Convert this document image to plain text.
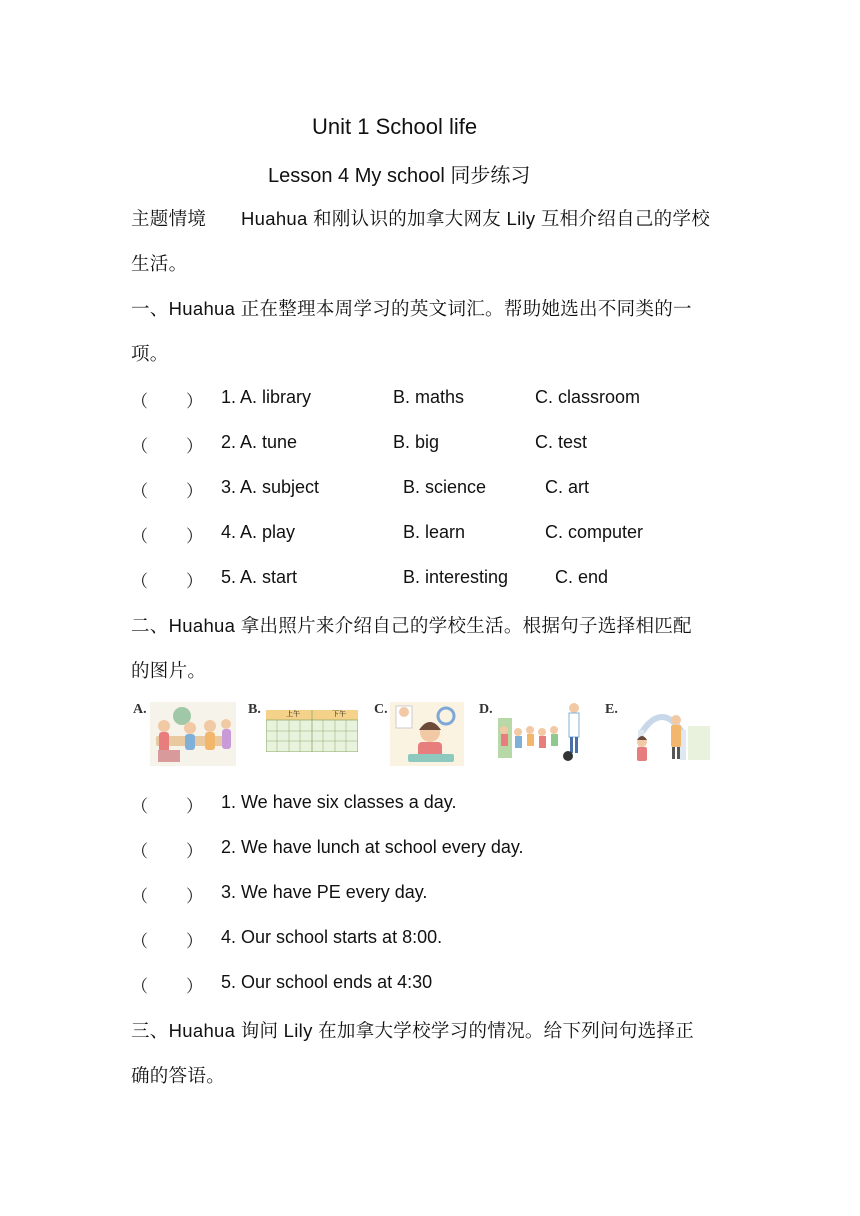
Unit 1 School life
Lesson 4 My school 同步练习
主题情境 Huahua 和刚认识的加拿大网友 Lily 互相介绍自己的学校
生活。
一、Huahua 正在整理本周学习的英文词汇。帮助她选出不同类的一
项。
（ ） 1. A. library	B. maths	C. classroom
（ ） 2. A. tune	B. big	C. test
（ ） 3. A. subject	B. science	C. art
（ ） 4. A. play	B. learn	C. computer
（ ） 5. A. start	B. interesting	C. end
二、Huahua 拿出照片来介绍自己的学校生活。根据句子选择相匹配
的图片。
A.	B.	上午	下午 C.	D.	E.
（ ） 1. We have six classes a day.
（ ） 2. We have lunch at school every day.
（ ） 3. We have PE every day.
（ ） 4. Our school starts at 8:00.
（ ） 5. Our school ends at 4:30
三、Huahua 询问 Lily 在加拿大学校学习的情况。给下列问句选择正
确的答语。
